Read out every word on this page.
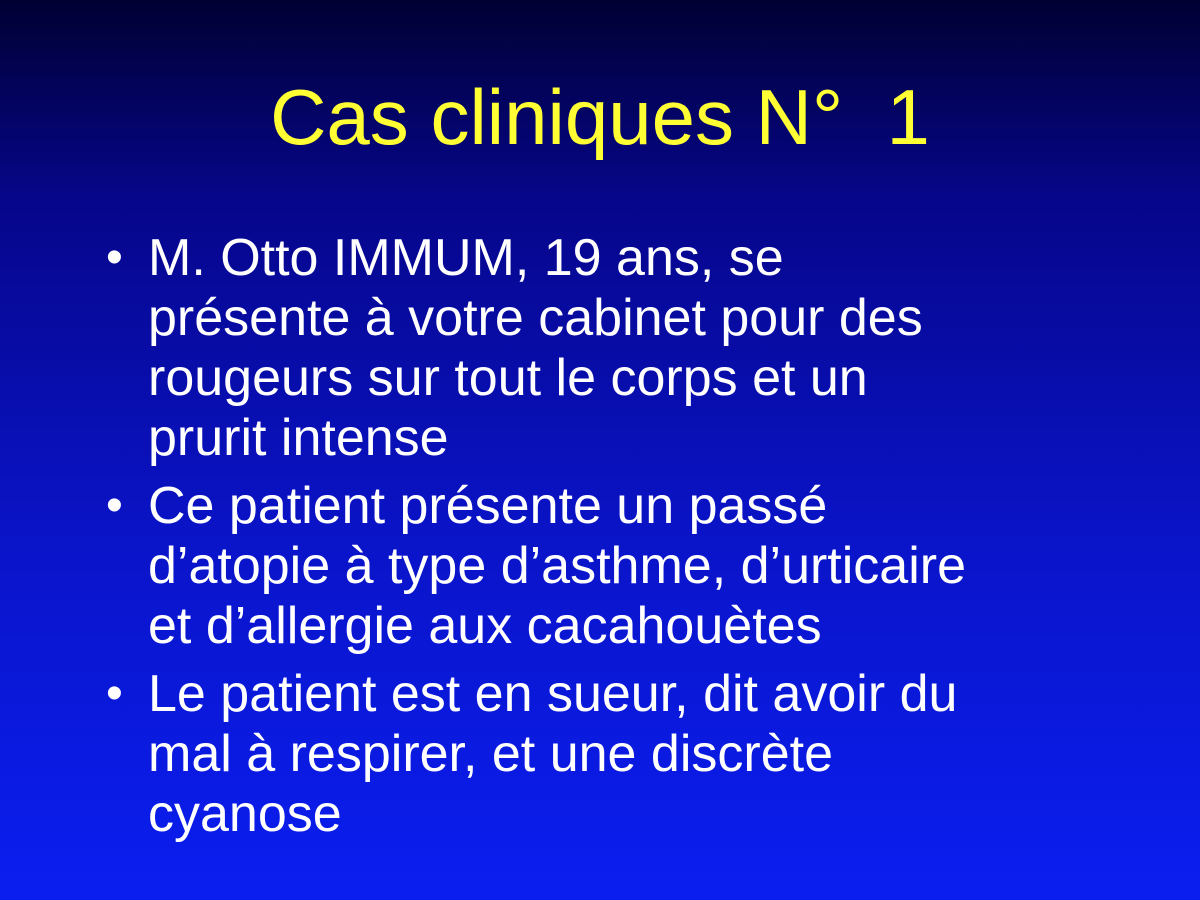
Cas cliniques N°  1
• M. Otto IMMUM, 19 ans, se
présente à votre cabinet pour des
rougeurs sur tout le corps et un
prurit intense
• Ce patient présente un passé
d’atopie à type d’asthme, d’urticaire
et d’allergie aux cacahouètes
• Le patient est en sueur, dit avoir du
mal à respirer, et une discrète
cyanose
